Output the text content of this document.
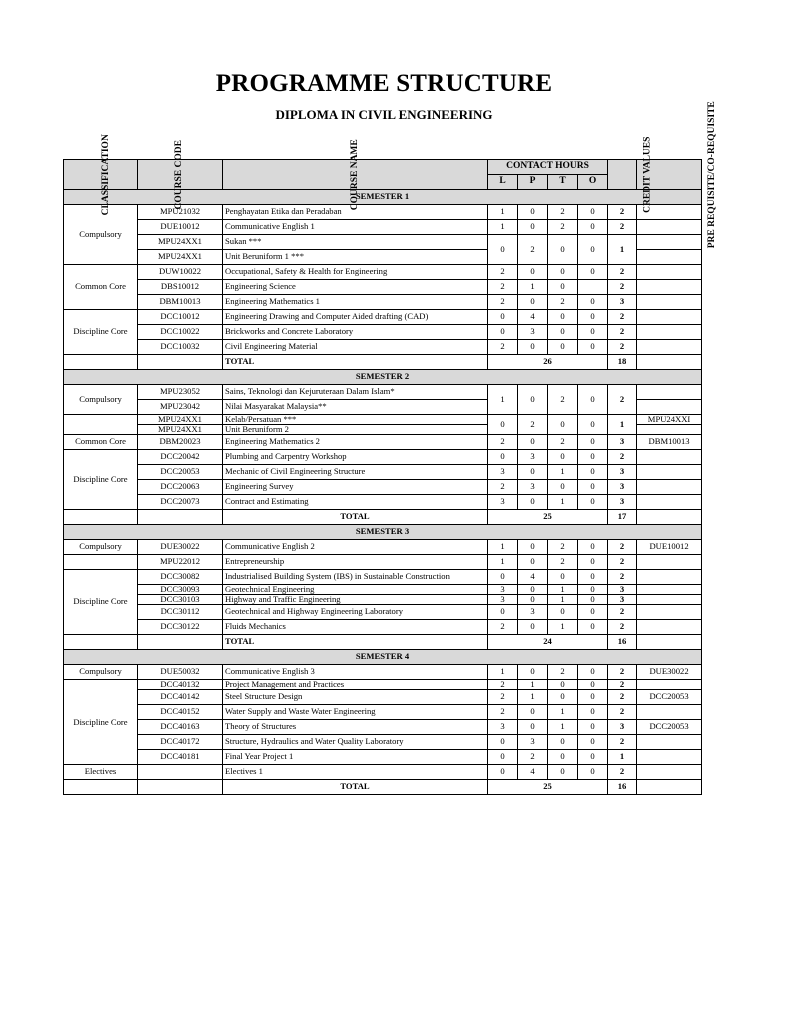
PROGRAMME STRUCTURE
DIPLOMA IN CIVIL ENGINEERING
CLASSIFICATION	COURSE CODE	COURSE NAME	CONTACT HOURS				CREDIT VALUES	PRE REQUISITE/CO-REQUISITE
			L	P	T	O		
SEMESTER 1								
Compulsory	MPU21032	Penghayatan Etika dan Peradaban	1	0	2	0	2	
	DUE10012	Communicative English 1	1	0	2	0	2	
	MPU24XX1	Sukan ***	0	2	0	0	1	
	MPU24XX1	Unit Beruniform 1 ***						
Common Core	DUW10022	Occupational, Safety & Health for Engineering	2	0	0	0	2	
	DBS10012	Engineering Science	2	1	0		2	
	DBM10013	Engineering Mathematics 1	2	0	2	0	3	
Discipline Core	DCC10012	Engineering Drawing and Computer Aided drafting (CAD)	0	4	0	0	2	
	DCC10022	Brickworks and Concrete Laboratory	0	3	0	0	2	
	DCC10032	Civil Engineering Material	2	0	0	0	2	
		TOTAL	26				18	
SEMESTER 2								
Compulsory	MPU23052	Sains, Teknologi dan Kejuruteraan Dalam Islam*	1	0	2	0	2	
	MPU23042	Nilai Masyarakat Malaysia**						
	MPU24XX1	Kelab/Persatuan ***	0	2	0	0	1	MPU24XXI
	MPU24XX1	Unit Beruniform 2						
Common Core	DBM20023	Engineering Mathematics 2	2	0	2	0	3	DBM10013
Discipline Core	DCC20042	Plumbing and Carpentry Workshop	0	3	0	0	2	
	DCC20053	Mechanic of Civil Engineering Structure	3	0	1	0	3	
	DCC20063	Engineering Survey	2	3	0	0	3	
	DCC20073	Contract and Estimating	3	0	1	0	3	
		TOTAL	25				17	
SEMESTER 3								
Compulsory	DUE30022	Communicative English 2	1	0	2	0	2	DUE10012
	MPU22012	Entrepreneurship	1	0	2	0	2	
Discipline Core	DCC30082	Industrialised Building System (IBS) in Sustainable Construction	0	4	0	0	2	
	DCC30093	Geotechnical Engineering	3	0	1	0	3	
	DCC30103	Highway and Traffic Engineering	3	0	1	0	3	
	DCC30112	Geotechnical and Highway Engineering Laboratory	0	3	0	0	2	
	DCC30122	Fluids Mechanics	2	0	1	0	2	
		TOTAL	24				16	
SEMESTER 4								
Compulsory	DUE50032	Communicative English 3	1	0	2	0	2	DUE30022
Discipline Core	DCC40132	Project Management and Practices	2	1	0	0	2	
	DCC40142	Steel Structure Design	2	1	0	0	2	DCC20053
	DCC40152	Water Supply and Waste Water Engineering	2	0	1	0	2	
	DCC40163	Theory of Structures	3	0	1	0	3	DCC20053
	DCC40172	Structure, Hydraulics and Water Quality Laboratory	0	3	0	0	2	
	DCC40181	Final Year Project 1	0	2	0	0	1	
Electives		Electives 1	0	4	0	0	2	
		TOTAL	25				16	
